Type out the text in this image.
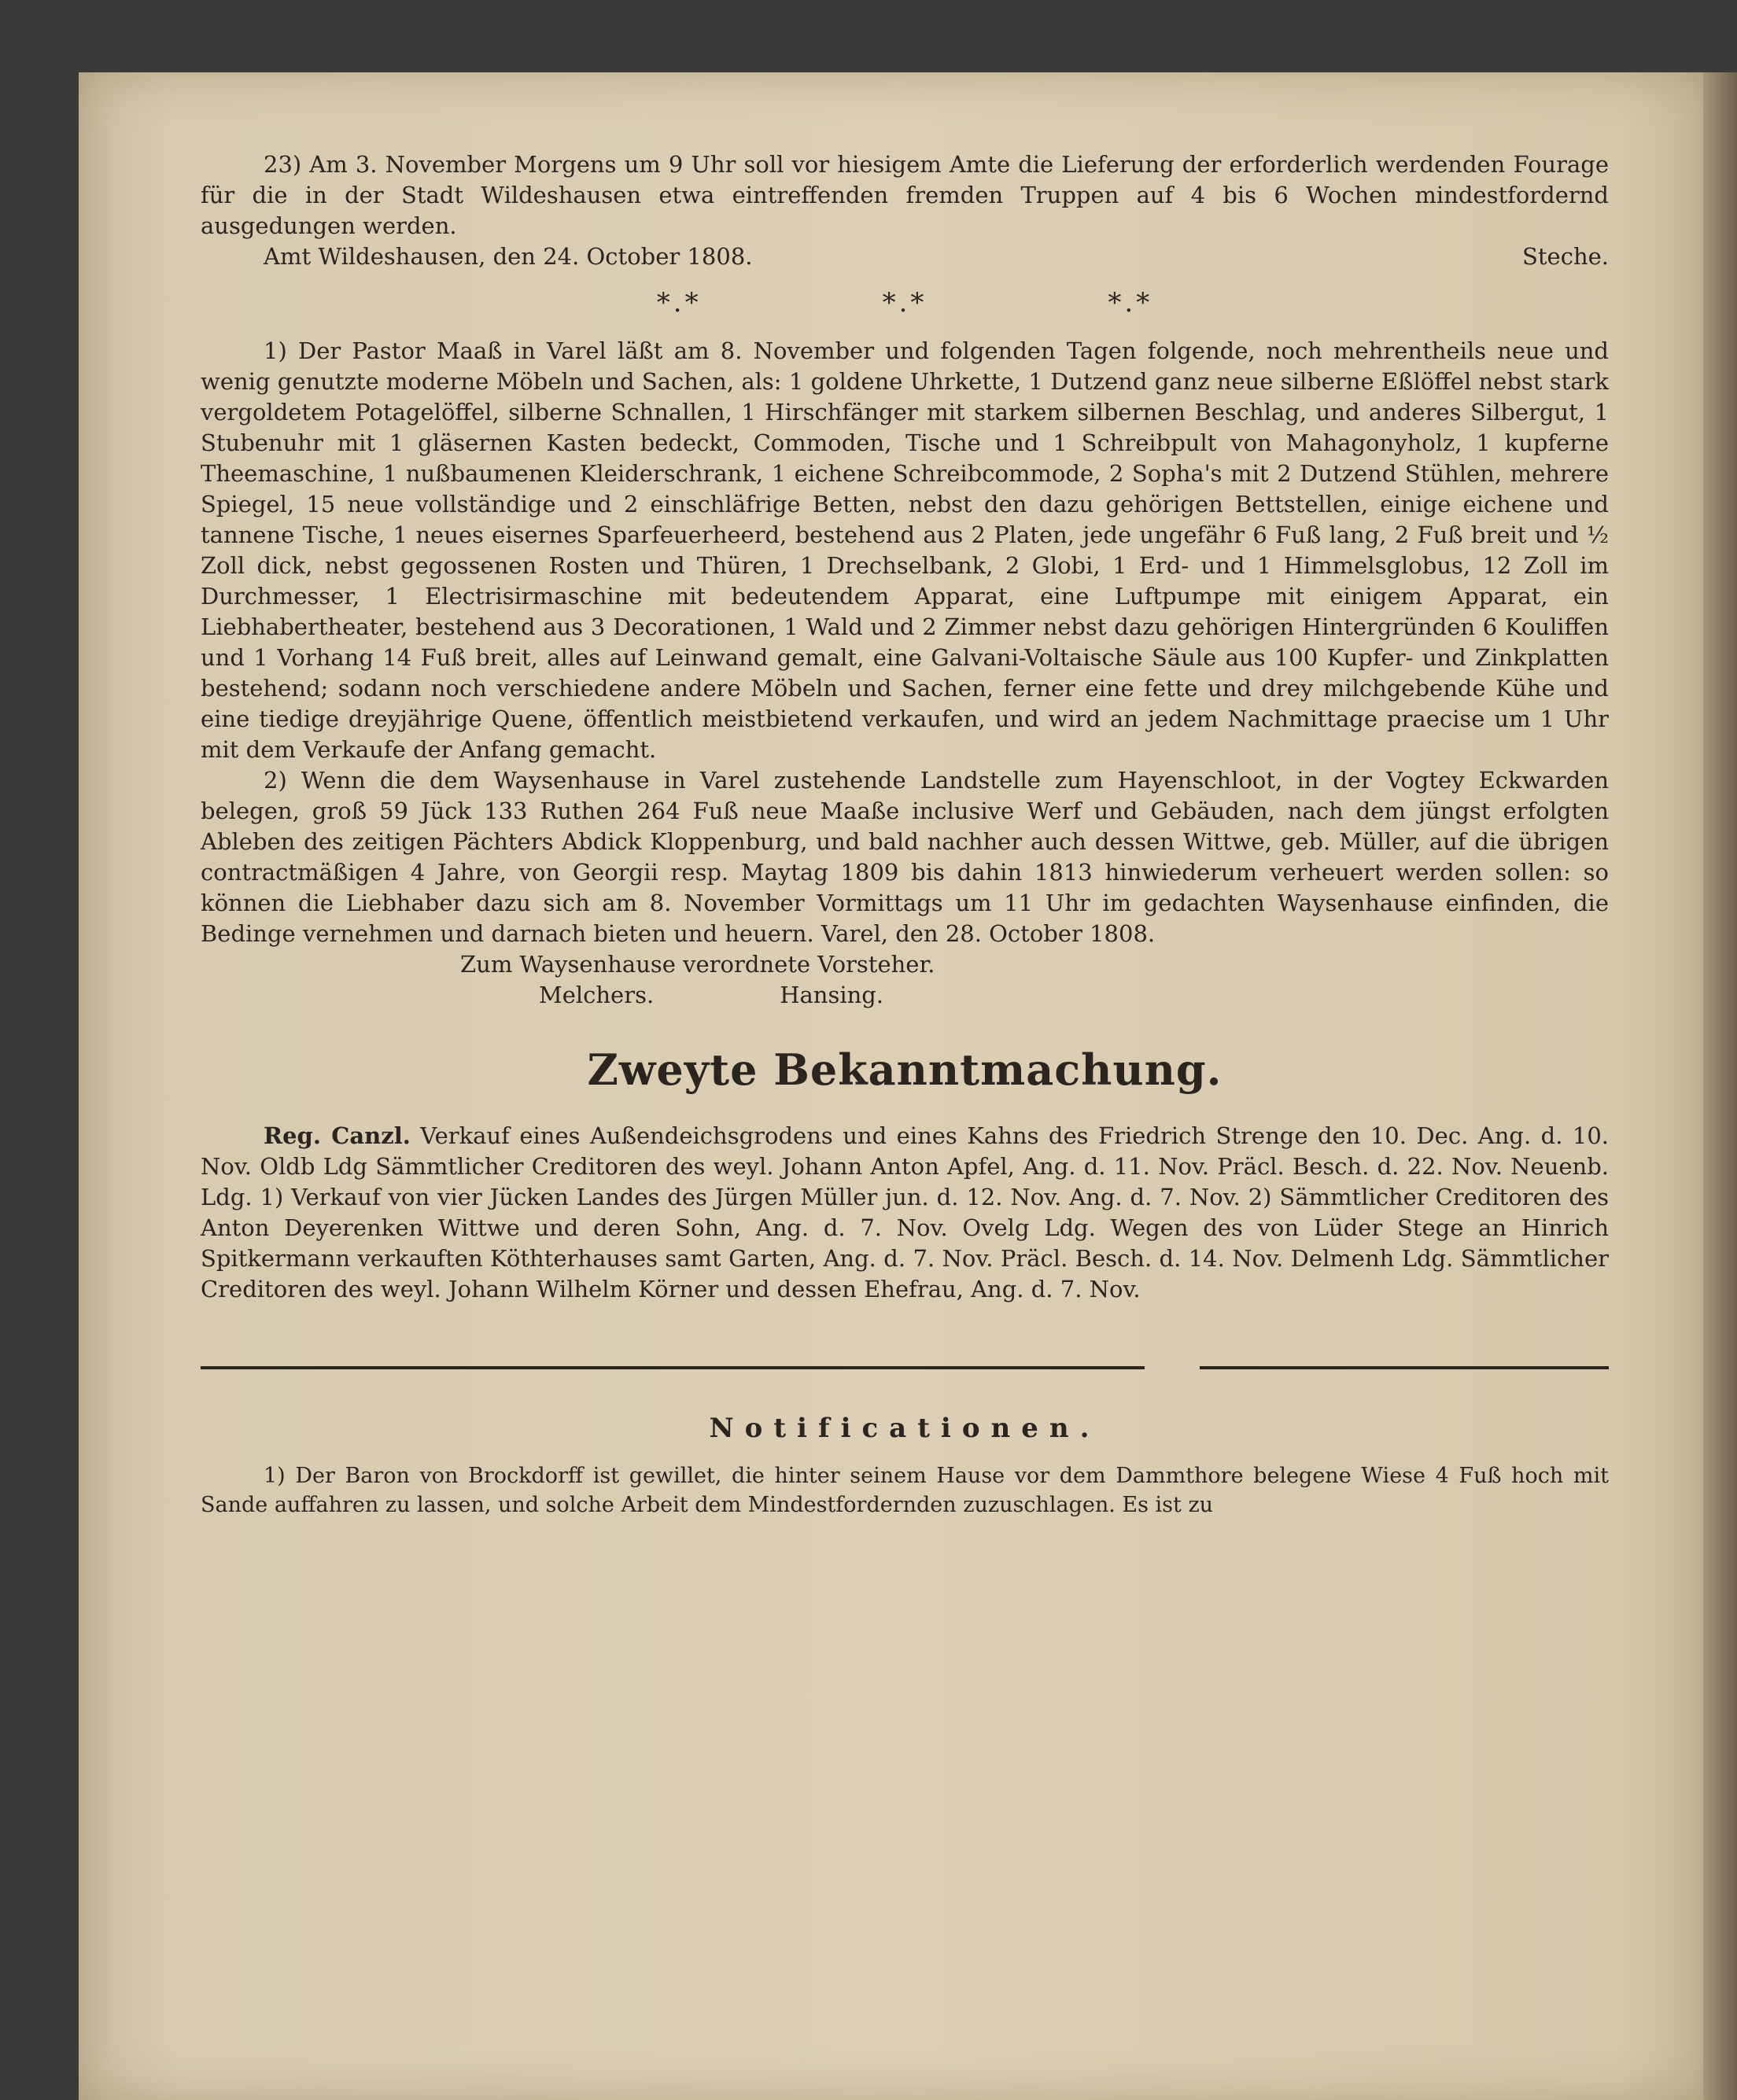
23) Am 3. November Morgens um 9 Uhr soll vor hiesigem Amte die Lieferung der erforderlich werdenden Fourage für die in der Stadt Wildeshausen etwa eintreffenden fremden Truppen auf 4 bis 6 Wochen mindestfordernd ausgedungen werden.

Amt Wildeshausen, den 24. October 1808.	Steche.
*.*	*.*	*.*

1) Der Pastor Maaß in Varel läßt am 8. November und folgenden Tagen folgende, noch mehrentheils neue und wenig genutzte moderne Möbeln und Sachen, als: 1 goldene Uhrkette, 1 Dutzend ganz neue silberne Eßlöffel nebst stark vergoldetem Potagelöffel, silberne Schnallen, 1 Hirschfänger mit starkem silbernen Beschlag, und anderes Silbergut, 1 Stubenuhr mit 1 gläsernen Kasten bedeckt, Commoden, Tische und 1 Schreibpult von Mahagonyholz, 1 kupferne Theemaschine, 1 nußbaumenen Kleiderschrank, 1 eichene Schreibcommode, 2 Sopha's mit 2 Dutzend Stühlen, mehrere Spiegel, 15 neue vollständige und 2 einschläfrige Betten, nebst den dazu gehörigen Bettstellen, einige eichene und tannene Tische, 1 neues eisernes Sparfeuerheerd, bestehend aus 2 Platen, jede ungefähr 6 Fuß lang, 2 Fuß breit und ½ Zoll dick, nebst gegossenen Rosten und Thüren, 1 Drechselbank, 2 Globi, 1 Erd- und 1 Himmelsglobus, 12 Zoll im Durchmesser, 1 Electrisirmaschine mit bedeutendem Apparat, eine Luftpumpe mit einigem Apparat, ein Liebhabertheater, bestehend aus 3 Decorationen, 1 Wald und 2 Zimmer nebst dazu gehörigen Hintergründen 6 Kouliffen und 1 Vorhang 14 Fuß breit, alles auf Leinwand gemalt, eine Galvani-Voltaische Säule aus 100 Kupfer- und Zinkplatten bestehend; sodann noch verschiedene andere Möbeln und Sachen, ferner eine fette und drey milchgebende Kühe und eine tiedige dreyjährige Quene, öffentlich meistbietend verkaufen, und wird an jedem Nachmittage praecise um 1 Uhr mit dem Verkaufe der Anfang gemacht.

2) Wenn die dem Waysenhause in Varel zustehende Landstelle zum Hayenschloot, in der Vogtey Eckwarden belegen, groß 59 Jück 133 Ruthen 264 Fuß neue Maaße inclusive Werf und Gebäuden, nach dem jüngst erfolgten Ableben des zeitigen Pächters Abdick Kloppenburg, und bald nachher auch dessen Wittwe, geb. Müller, auf die übrigen contractmäßigen 4 Jahre, von Georgii resp. Maytag 1809 bis dahin 1813 hinwiederum verheuert werden sollen: so können die Liebhaber dazu sich am 8. November Vormittags um 11 Uhr im gedachten Waysenhause einfinden, die Bedinge vernehmen und darnach bieten und heuern. Varel, den 28. October 1808.

Zum Waysenhause verordnete Vorsteher.
Melchers.	Hansing.
Zweyte Bekanntmachung.

Reg. Canzl. Verkauf eines Außendeichsgrodens und eines Kahns des Friedrich Strenge den 10. Dec. Ang. d. 10. Nov. Oldb Ldg Sämmtlicher Creditoren des weyl. Johann Anton Apfel, Ang. d. 11. Nov. Präcl. Besch. d. 22. Nov. Neuenb. Ldg. 1) Verkauf von vier Jücken Landes des Jürgen Müller jun. d. 12. Nov. Ang. d. 7. Nov. 2) Sämmtlicher Creditoren des Anton Deyerenken Wittwe und deren Sohn, Ang. d. 7. Nov. Ovelg Ldg. Wegen des von Lüder Stege an Hinrich Spitkermann verkauften Köthterhauses samt Garten, Ang. d. 7. Nov. Präcl. Besch. d. 14. Nov. Delmenh Ldg. Sämmtlicher Creditoren des weyl. Johann Wilhelm Körner und dessen Ehefrau, Ang. d. 7. Nov.

Notificationen.

1) Der Baron von Brockdorff ist gewillet, die hinter seinem Hause vor dem Dammthore belegene Wiese 4 Fuß hoch mit Sande auffahren zu lassen, und solche Arbeit dem Mindestfordernden zuzuschlagen. Es ist zu
